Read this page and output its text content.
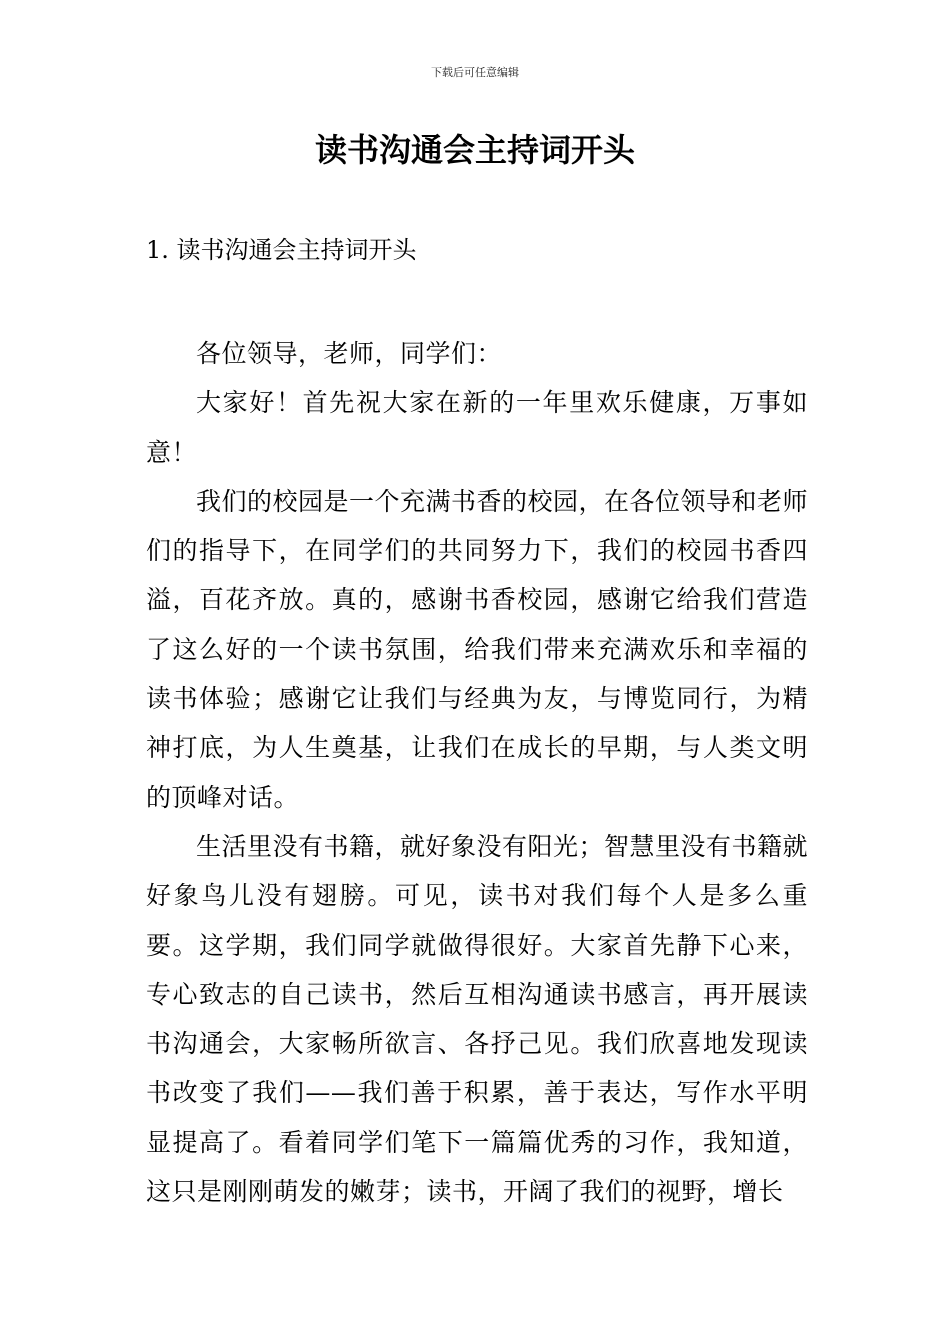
下载后可任意编辑
读书沟通会主持词开头
1. 读书沟通会主持词开头

各位领导，老师，同学们：

大家好！首先祝大家在新的一年里欢乐健康，万事如意！

我们的校园是一个充满书香的校园，在各位领导和老师们的指导下，在同学们的共同努力下，我们的校园书香四溢，百花齐放。真的，感谢书香校园，感谢它给我们营造了这么好的一个读书氛围，给我们带来充满欢乐和幸福的读书体验；感谢它让我们与经典为友，与博览同行，为精神打底，为人生奠基，让我们在成长的早期，与人类文明的顶峰对话。

生活里没有书籍，就好象没有阳光；智慧里没有书籍就好象鸟儿没有翅膀。可见，读书对我们每个人是多么重要。这学期，我们同学就做得很好。大家首先静下心来，专心致志的自己读书，然后互相沟通读书感言，再开展读书沟通会，大家畅所欲言、各抒己见。我们欣喜地发现读书改变了我们——我们善于积累，善于表达，写作水平明显提高了。看着同学们笔下一篇篇优秀的习作，我知道，这只是刚刚萌发的嫩芽；读书，开阔了我们的视野，增长
